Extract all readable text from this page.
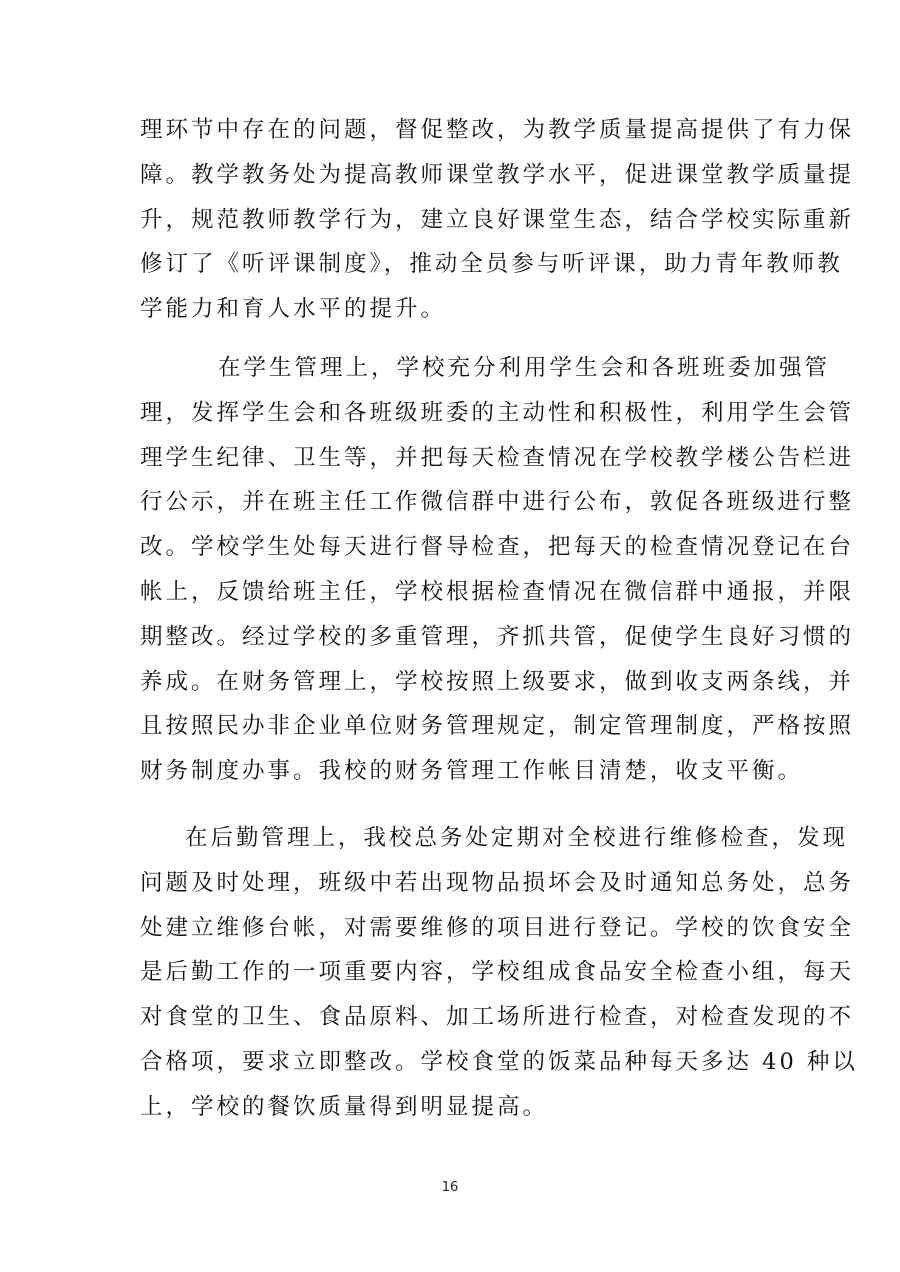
理环节中存在的问题，督促整改，为教学质量提高提供了有力保
障。教学教务处为提高教师课堂教学水平，促进课堂教学质量提
升，规范教师教学行为，建立良好课堂生态，结合学校实际重新
修订了《听评课制度》，推动全员参与听评课，助力青年教师教
学能力和育人水平的提升。
在学生管理上，学校充分利用学生会和各班班委加强管
理，发挥学生会和各班级班委的主动性和积极性，利用学生会管
理学生纪律、卫生等，并把每天检查情况在学校教学楼公告栏进
行公示，并在班主任工作微信群中进行公布，敦促各班级进行整
改。学校学生处每天进行督导检查，把每天的检查情况登记在台
帐上，反馈给班主任，学校根据检查情况在微信群中通报，并限
期整改。经过学校的多重管理，齐抓共管，促使学生良好习惯的
养成。在财务管理上，学校按照上级要求，做到收支两条线，并
且按照民办非企业单位财务管理规定，制定管理制度，严格按照
财务制度办事。我校的财务管理工作帐目清楚，收支平衡。
在后勤管理上，我校总务处定期对全校进行维修检查，发现
问题及时处理，班级中若出现物品损坏会及时通知总务处，总务
处建立维修台帐，对需要维修的项目进行登记。学校的饮食安全
是后勤工作的一项重要内容，学校组成食品安全检查小组，每天
对食堂的卫生、食品原料、加工场所进行检查，对检查发现的不
合格项，要求立即整改。学校食堂的饭菜品种每天多达 40 种以
上，学校的餐饮质量得到明显提高。
16
